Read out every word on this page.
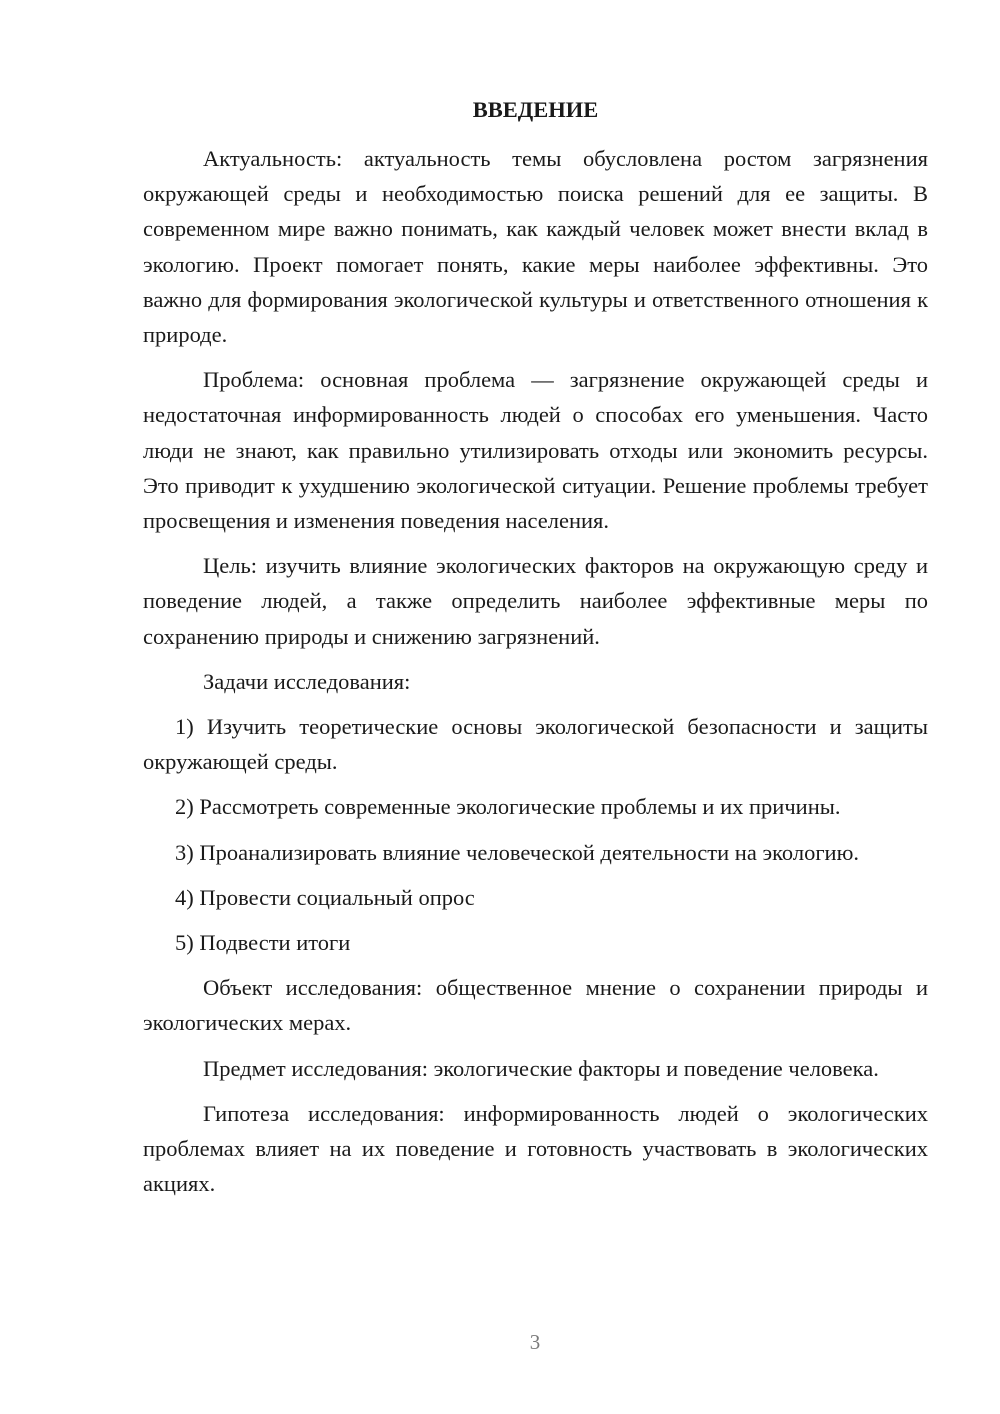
ВВЕДЕНИЕ

Актуальность: актуальность темы обусловлена ростом загрязнения окружающей среды и необходимостью поиска решений для ее защиты. В современном мире важно понимать, как каждый человек может внести вклад в экологию. Проект помогает понять, какие меры наиболее эффективны. Это важно для формирования экологической культуры и ответственного отношения к природе.

Проблема: основная проблема — загрязнение окружающей среды и недостаточная информированность людей о способах его уменьшения. Часто люди не знают, как правильно утилизировать отходы или экономить ресурсы. Это приводит к ухудшению экологической ситуации. Решение проблемы требует просвещения и изменения поведения населения.

Цель: изучить влияние экологических факторов на окружающую среду и поведение людей, а также определить наиболее эффективные меры по сохранению природы и снижению загрязнений.

Задачи исследования:

1) Изучить теоретические основы экологической безопасности и защиты окружающей среды.

2) Рассмотреть современные экологические проблемы и их причины.

3) Проанализировать влияние человеческой деятельности на экологию.

4) Провести социальный опрос

5) Подвести итоги

Объект исследования: общественное мнение о сохранении природы и экологических мерах.

Предмет исследования: экологические факторы и поведение человека.

Гипотеза исследования: информированность людей о экологических проблемах влияет на их поведение и готовность участвовать в экологических акциях.

3
